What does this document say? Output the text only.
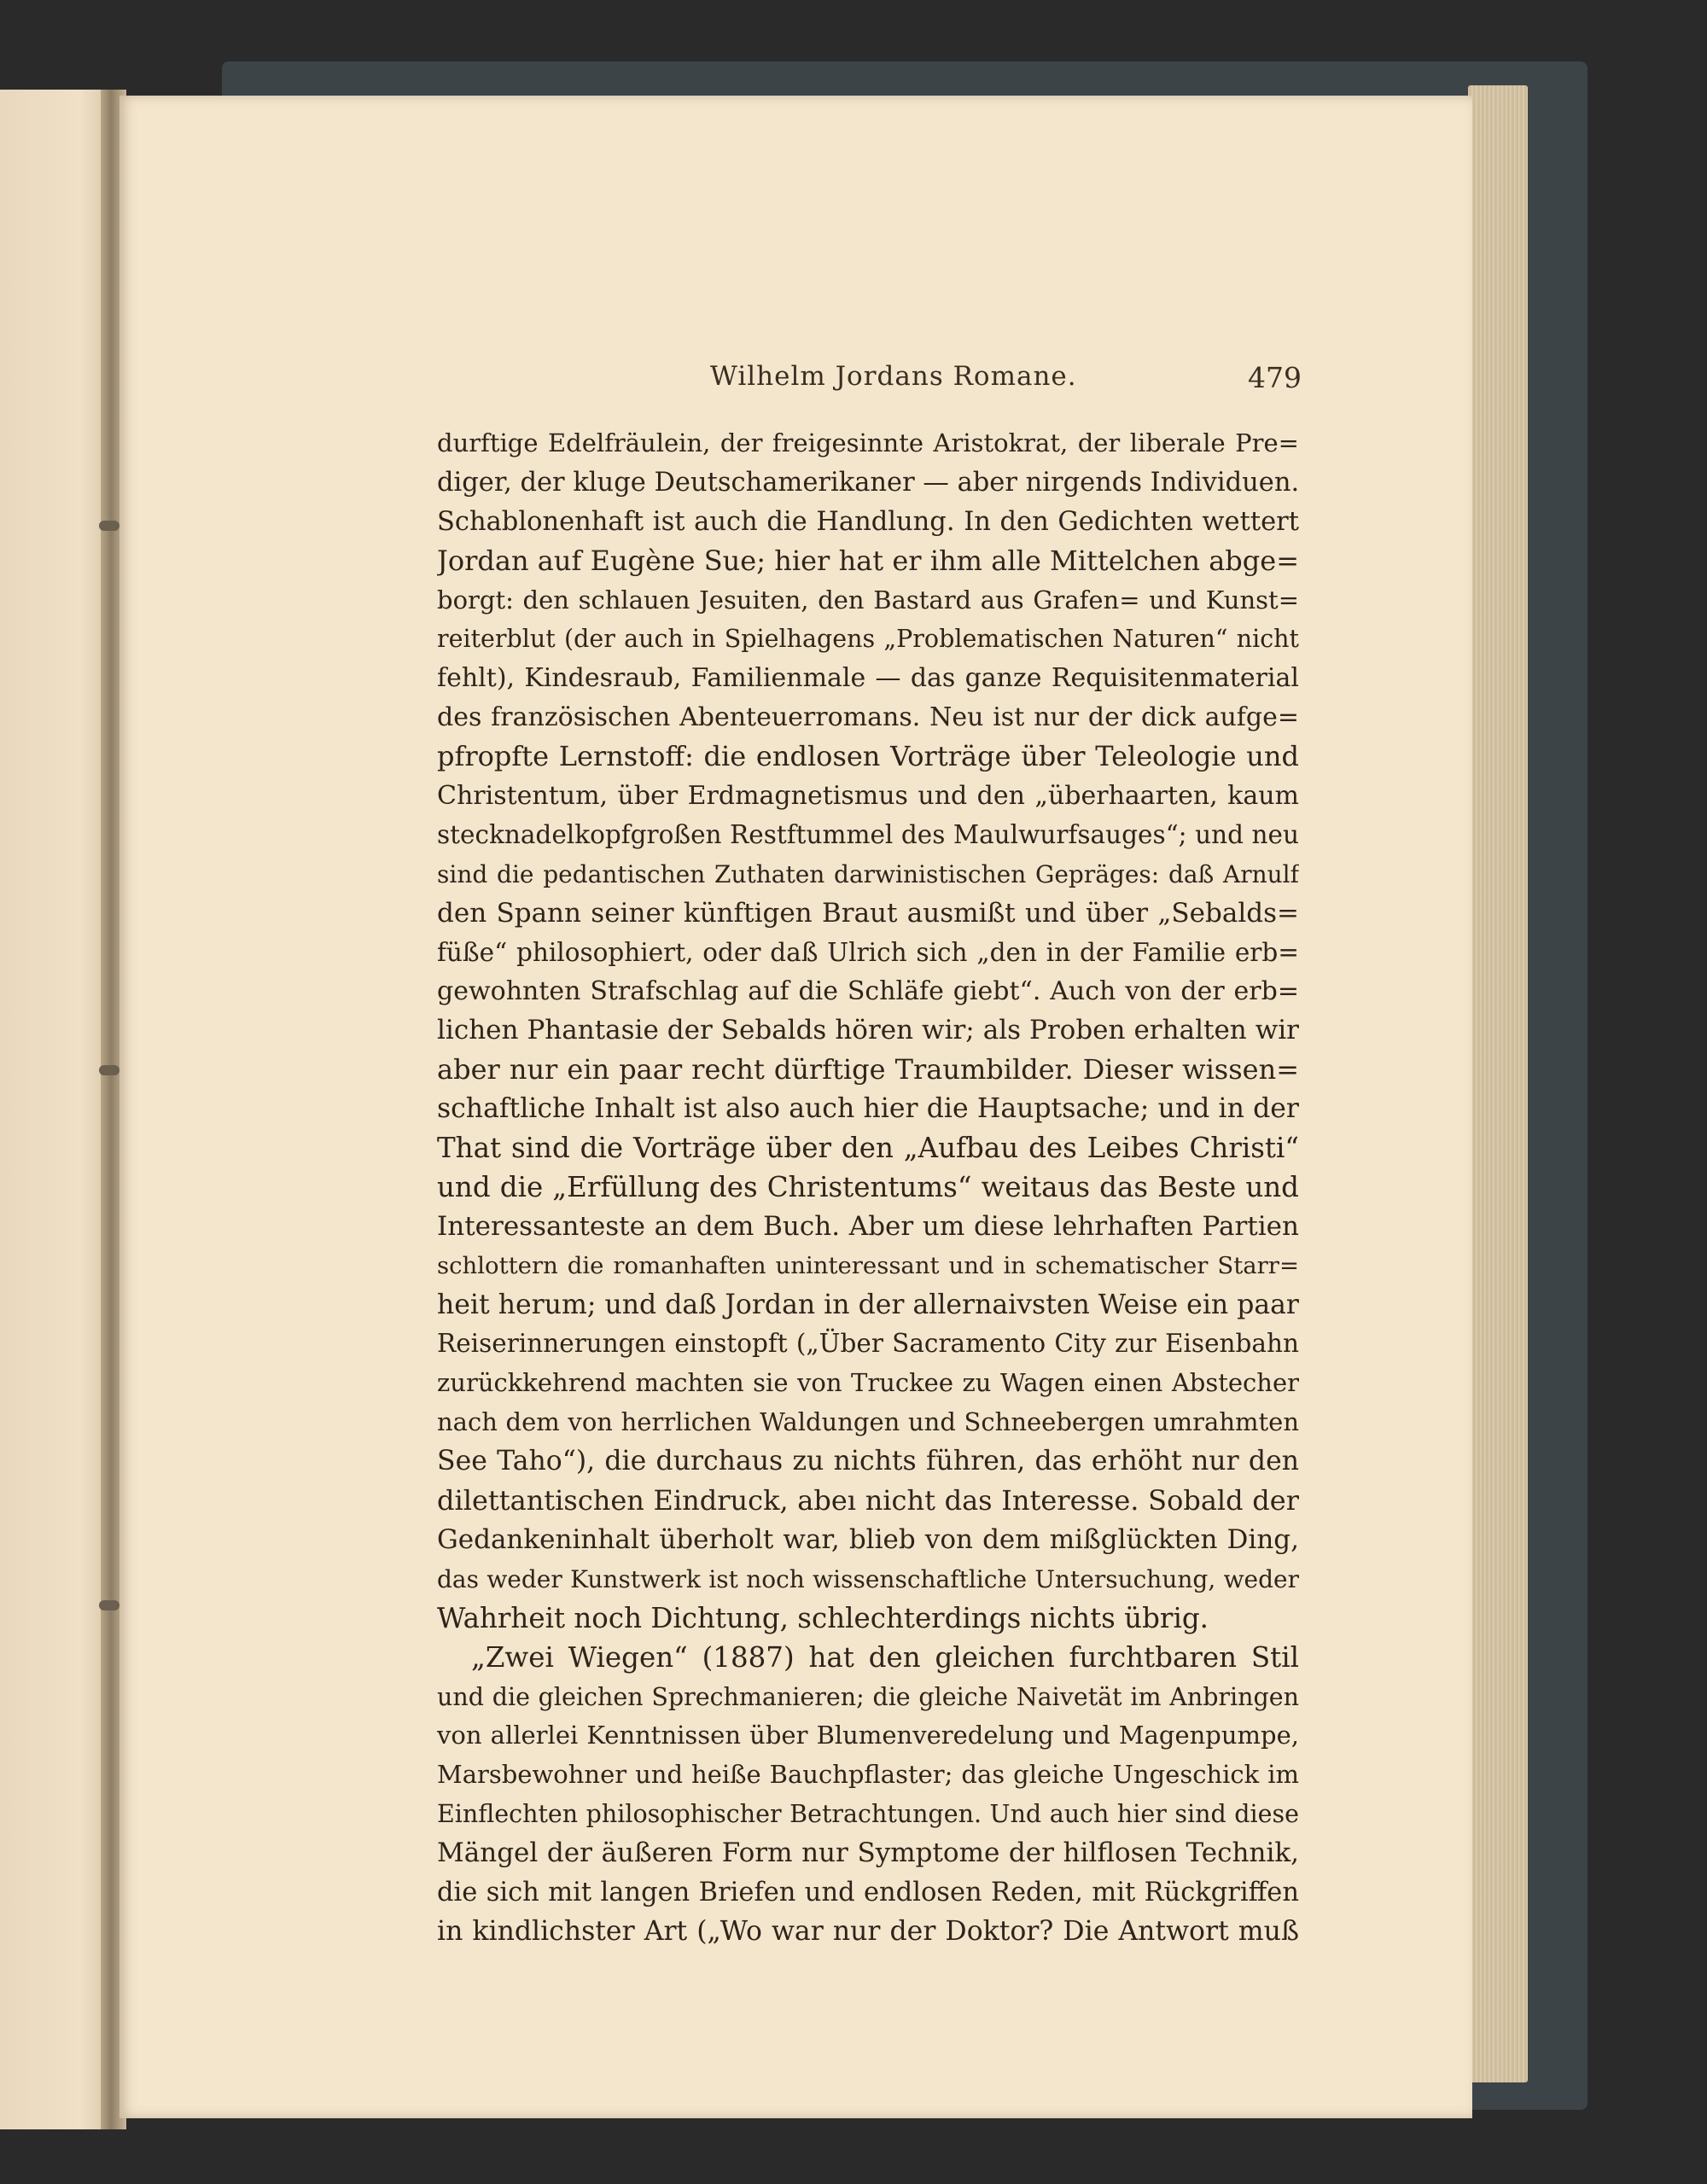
Wilhelm Jordans Romane.	479
durftige Edelfräulein, der freigesinnte Aristokrat, der liberale Pre=
diger, der kluge Deutschamerikaner — aber nirgends Individuen.
Schablonenhaft ist auch die Handlung. In den Gedichten wettert
Jordan auf Eugène Sue; hier hat er ihm alle Mittelchen abge=
borgt: den schlauen Jesuiten, den Bastard aus Grafen= und Kunst=
reiterblut (der auch in Spielhagens „Problematischen Naturen“ nicht
fehlt), Kindesraub, Familienmale — das ganze Requisitenmaterial
des französischen Abenteuerromans. Neu ist nur der dick aufge=
pfropfte Lernstoff: die endlosen Vorträge über Teleologie und
Christentum, über Erdmagnetismus und den „überhaarten, kaum
stecknadelkopfgroßen Restftummel des Maulwurfsauges“; und neu
sind die pedantischen Zuthaten darwinistischen Gepräges: daß Arnulf
den Spann seiner künftigen Braut ausmißt und über „Sebalds=
füße“ philosophiert, oder daß Ulrich sich „den in der Familie erb=
gewohnten Strafschlag auf die Schläfe giebt“. Auch von der erb=
lichen Phantasie der Sebalds hören wir; als Proben erhalten wir
aber nur ein paar recht dürftige Traumbilder. Dieser wissen=
schaftliche Inhalt ist also auch hier die Hauptsache; und in der
That sind die Vorträge über den „Aufbau des Leibes Christi“
und die „Erfüllung des Christentums“ weitaus das Beste und
Interessanteste an dem Buch. Aber um diese lehrhaften Partien
schlottern die romanhaften uninteressant und in schematischer Starr=
heit herum; und daß Jordan in der allernaivsten Weise ein paar
Reiserinnerungen einstopft („Über Sacramento City zur Eisenbahn
zurückkehrend machten sie von Truckee zu Wagen einen Abstecher
nach dem von herrlichen Waldungen und Schneebergen umrahmten
See Taho“), die durchaus zu nichts führen, das erhöht nur den
dilettantischen Eindruck, abeı nicht das Interesse. Sobald der
Gedankeninhalt überholt war, blieb von dem mißglückten Ding,
das weder Kunstwerk ist noch wissenschaftliche Untersuchung, weder
Wahrheit noch Dichtung, schlechterdings nichts übrig.
„Zwei Wiegen“ (1887) hat den gleichen furchtbaren Stil
und die gleichen Sprechmanieren; die gleiche Naivetät im Anbringen
von allerlei Kenntnissen über Blumenveredelung und Magenpumpe,
Marsbewohner und heiße Bauchpflaster; das gleiche Ungeschick im
Einflechten philosophischer Betrachtungen. Und auch hier sind diese
Mängel der äußeren Form nur Symptome der hilflosen Technik,
die sich mit langen Briefen und endlosen Reden, mit Rückgriffen
in kindlichster Art („Wo war nur der Doktor? Die Antwort muß
